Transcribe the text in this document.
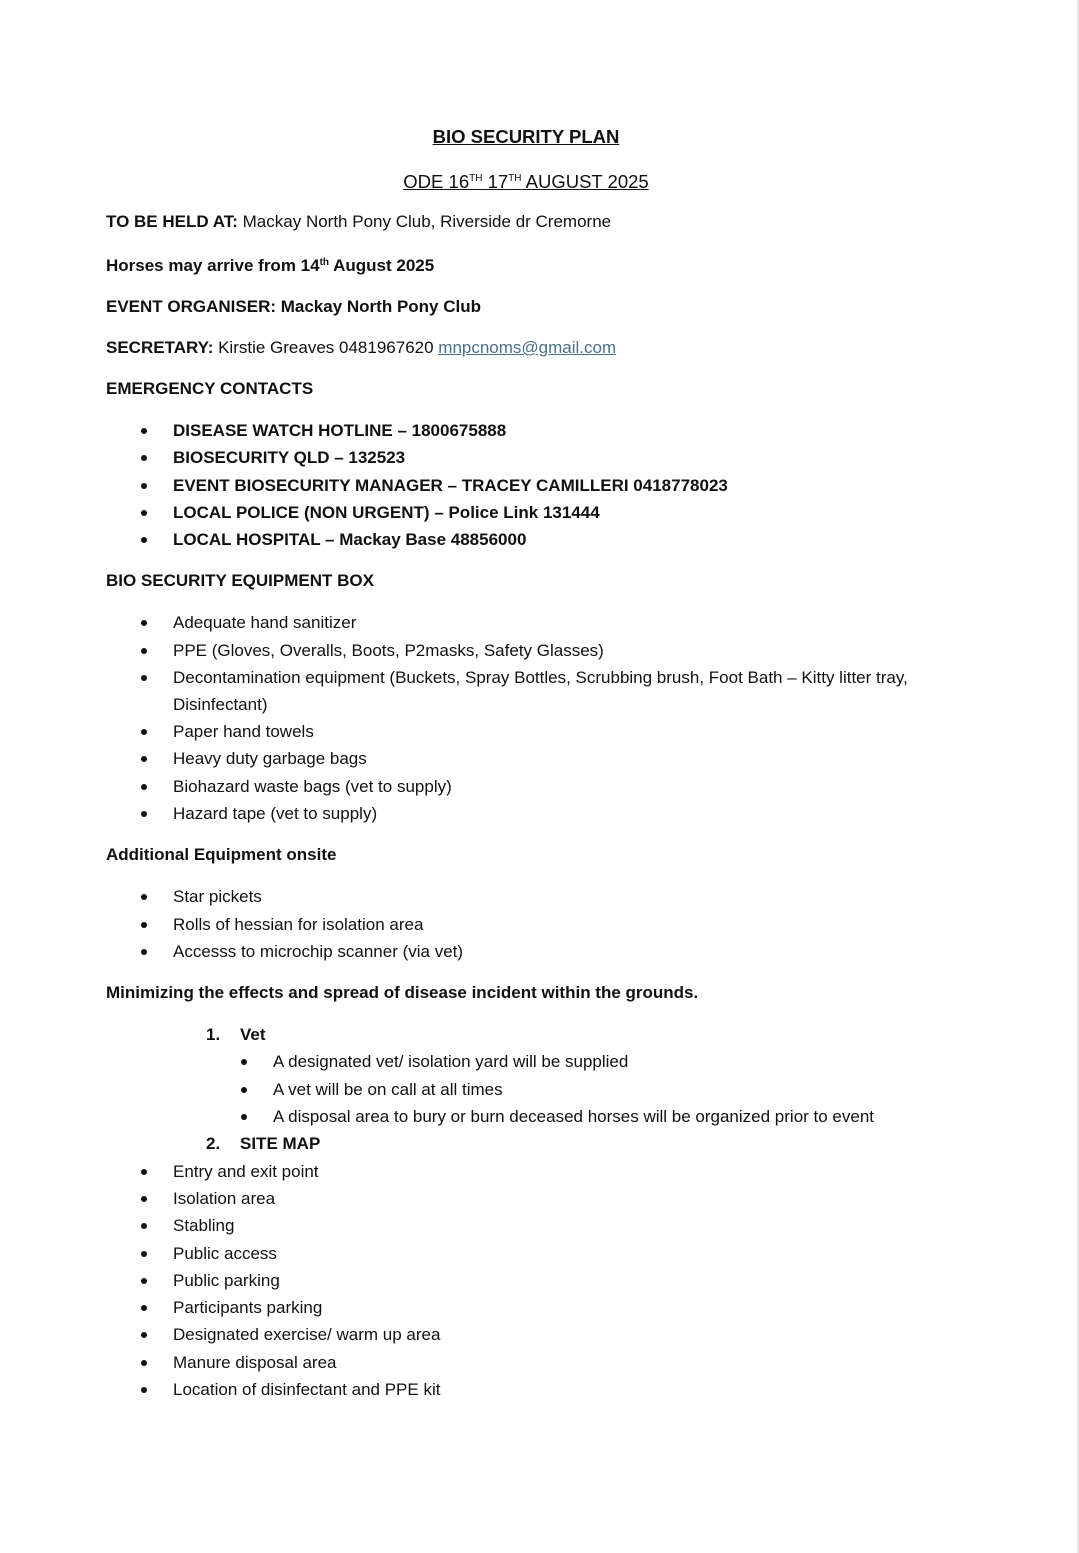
BIO SECURITY PLAN

ODE 16TH 17TH AUGUST 2025

TO BE HELD AT: Mackay North Pony Club, Riverside dr Cremorne

Horses may arrive from 14th August 2025

EVENT ORGANISER: Mackay North Pony Club

SECRETARY: Kirstie Greaves 0481967620 mnpcnoms@gmail.com

EMERGENCY CONTACTS

DISEASE WATCH HOTLINE – 1800675888
BIOSECURITY QLD – 132523
EVENT BIOSECURITY MANAGER – TRACEY CAMILLERI 0418778023
LOCAL POLICE (NON URGENT) – Police Link 131444
LOCAL HOSPITAL – Mackay Base 48856000

BIO SECURITY EQUIPMENT BOX

Adequate hand sanitizer
PPE (Gloves, Overalls, Boots, P2masks, Safety Glasses)
Decontamination equipment (Buckets, Spray Bottles, Scrubbing brush, Foot Bath – Kitty litter tray, Disinfectant)
Paper hand towels
Heavy duty garbage bags
Biohazard waste bags (vet to supply)
Hazard tape (vet to supply)

Additional Equipment onsite

Star pickets
Rolls of hessian for isolation area
Accesss to microchip scanner (via vet)

Minimizing the effects and spread of disease incident within the grounds.

1. Vet
A designated vet/ isolation yard will be supplied
A vet will be on call at all times
A disposal area to bury or burn deceased horses will be organized prior to event
2. SITE MAP
Entry and exit point
Isolation area
Stabling
Public access
Public parking
Participants parking
Designated exercise/ warm up area
Manure disposal area
Location of disinfectant and PPE kit
